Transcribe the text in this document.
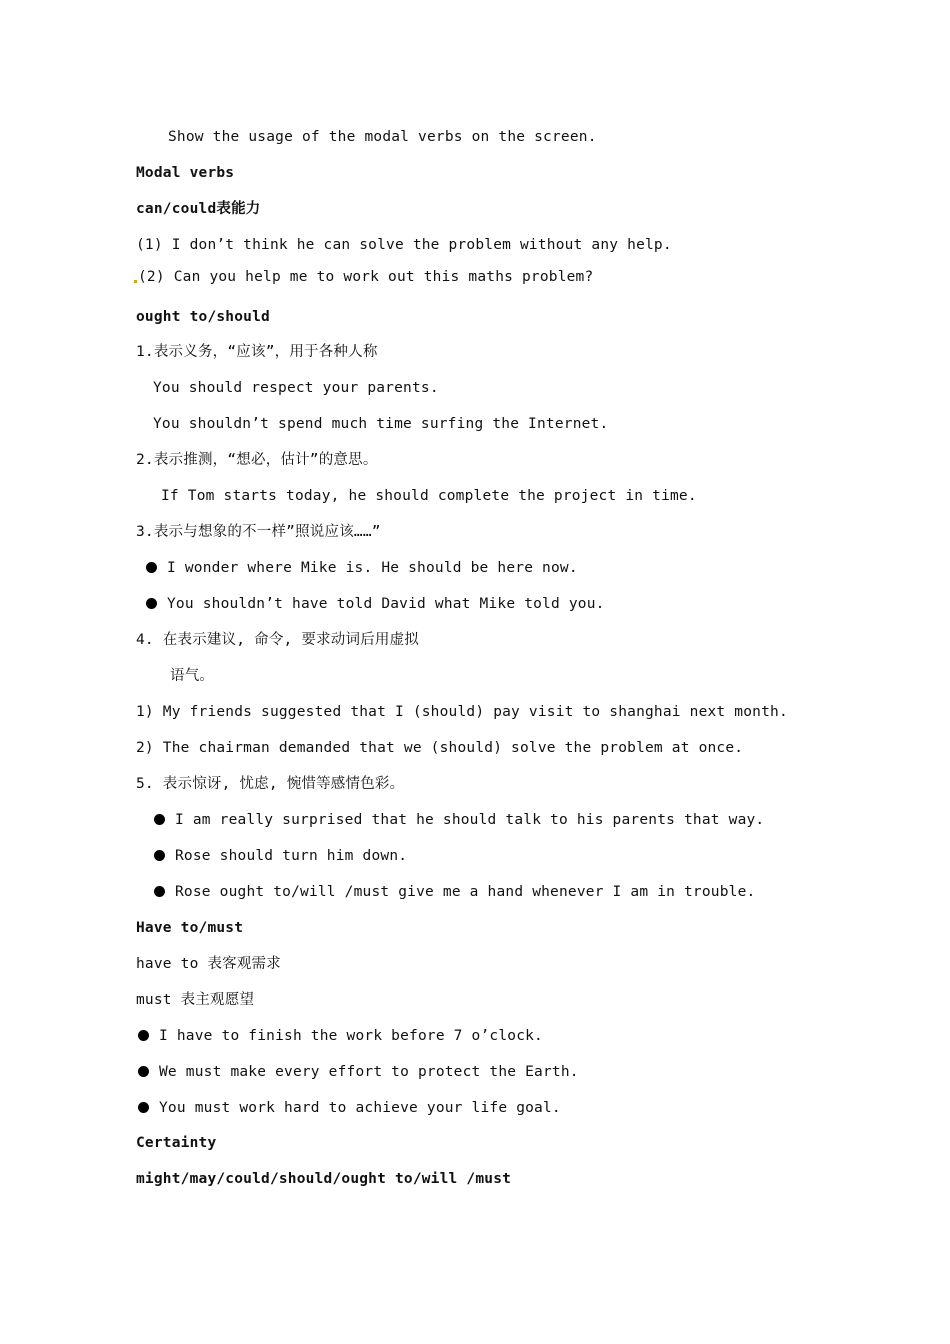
Show the usage of the modal verbs on the screen.
Modal verbs
can/could表能力
(1) I don’t think he can solve the problem without any help.
(2) Can you help me to work out this maths problem?
ought to/should
1.表示义务，“应该”，用于各种人称
You should respect your parents.
You shouldn’t spend much time surfing the Internet.
2.表示推测，“想必，估计”的意思。
If Tom starts today, he should complete the project in time.
3.表示与想象的不一样”照说应该……”
I wonder where Mike is. He should be here now.
You shouldn’t have told David what Mike told you.
4. 在表示建议, 命令, 要求动词后用虚拟
语气。
1) My friends suggested that I (should) pay visit to shanghai next month.
2) The chairman demanded that we (should) solve the problem at once.
5. 表示惊讶, 忧虑, 惋惜等感情色彩。
I am really surprised that he should talk to his parents that way.
Rose should turn him down.
Rose ought to/will /must give me a hand whenever I am in trouble.
Have to/must
have to 表客观需求
must 表主观愿望
I have to finish the work before 7 o’clock.
We must make every effort to protect the Earth.
You must work hard to achieve your life goal.
Certainty
might/may/could/should/ought to/will /must
